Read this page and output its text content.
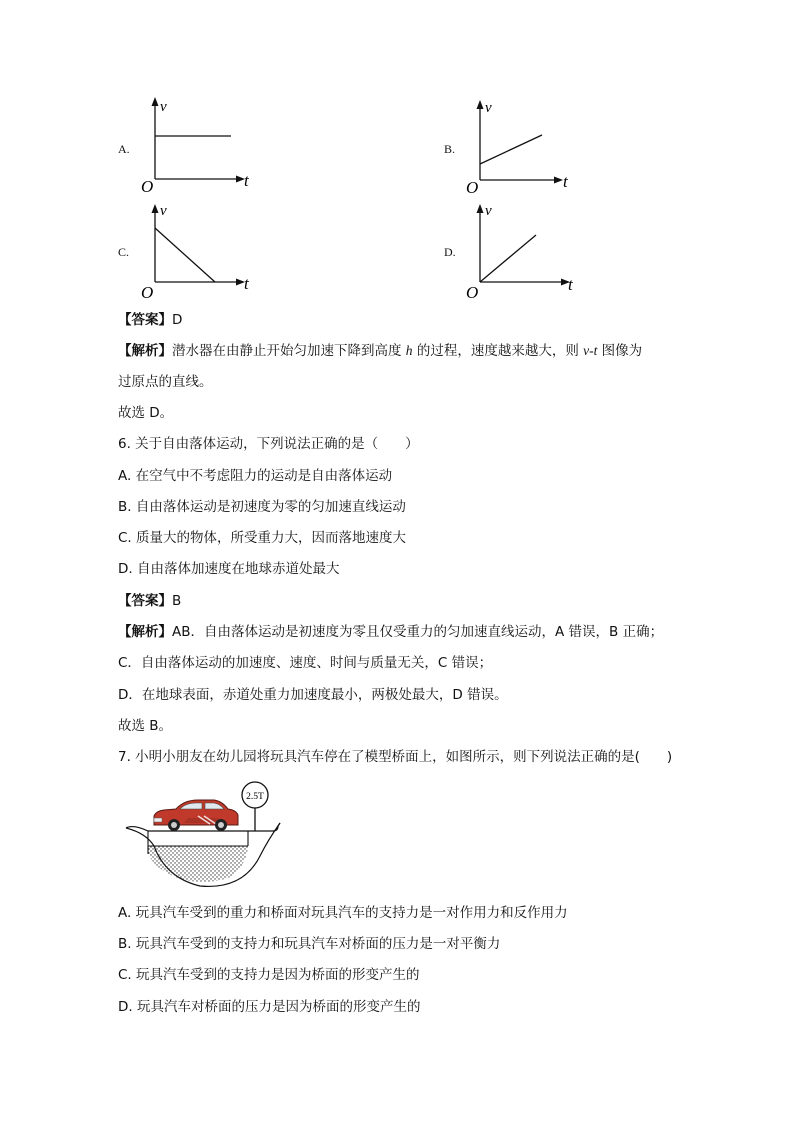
A.
v
t
O
B.
v
t
O
C.
v
t
O
D.
v
t
O
【答案】D
【解析】潜水器在由静止开始匀加速下降到高度 h 的过程，速度越来越大，则 v-t 图像为
过原点的直线。
故选 D。
6. 关于自由落体运动，下列说法正确的是（　　）
A. 在空气中不考虑阻力的运动是自由落体运动
B. 自由落体运动是初速度为零的匀加速直线运动
C. 质量大的物体，所受重力大，因而落地速度大
D. 自由落体加速度在地球赤道处最大
【答案】B
【解析】AB．自由落体运动是初速度为零且仅受重力的匀加速直线运动，A 错误，B 正确；
C．自由落体运动的加速度、速度、时间与质量无关，C 错误；
D．在地球表面，赤道处重力加速度最小，两极处最大，D 错误。
故选 B。
7. 小明小朋友在幼儿园将玩具汽车停在了模型桥面上，如图所示，则下列说法正确的是(　　)
2.5T
A. 玩具汽车受到的重力和桥面对玩具汽车的支持力是一对作用力和反作用力
B. 玩具汽车受到的支持力和玩具汽车对桥面的压力是一对平衡力
C. 玩具汽车受到的支持力是因为桥面的形变产生的
D. 玩具汽车对桥面的压力是因为桥面的形变产生的
